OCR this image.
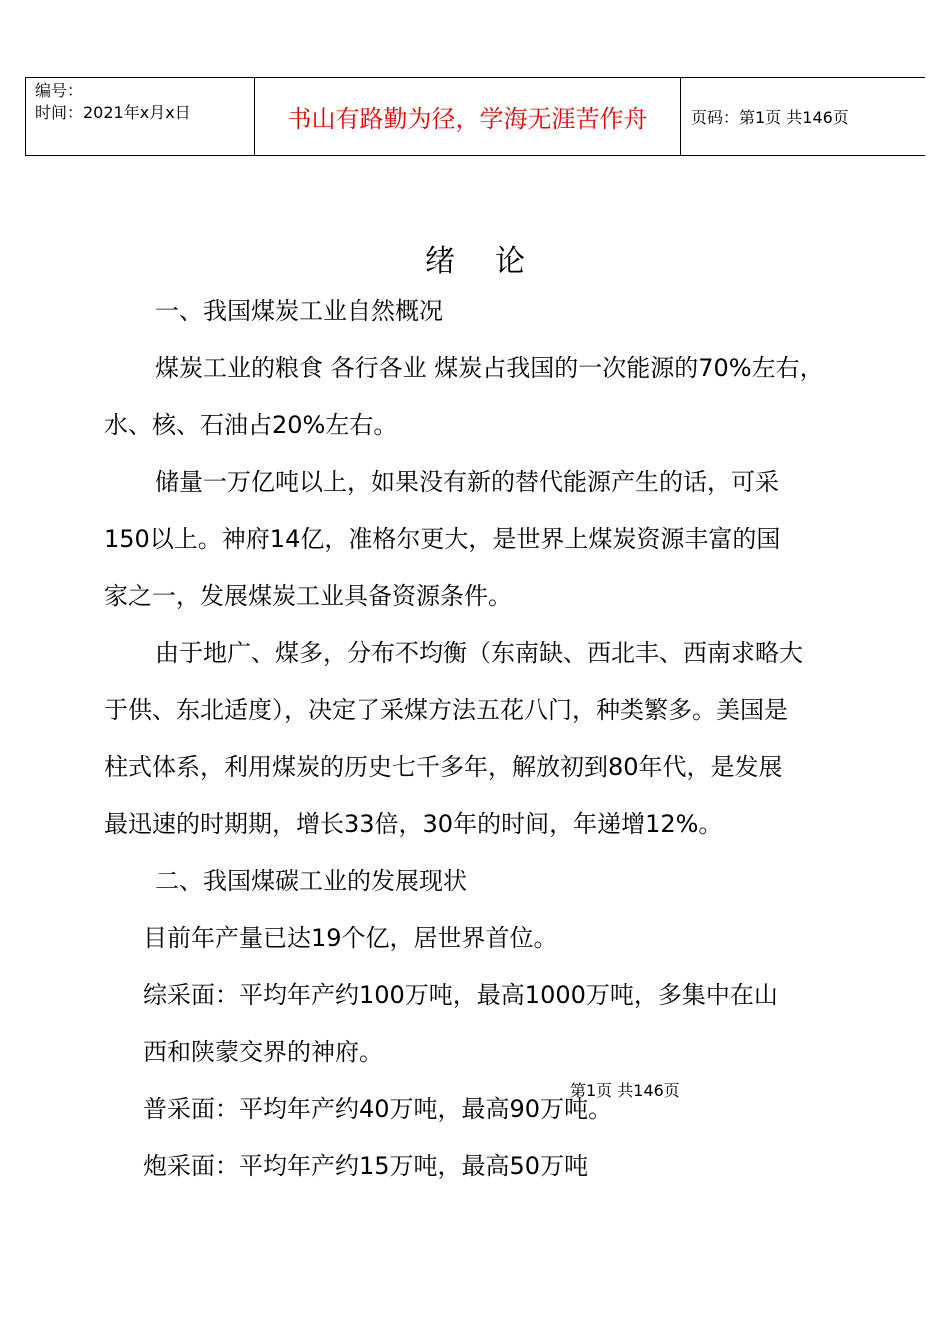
编号：
时间：2021年x月x日	书山有路勤为径，学海无涯苦作舟	页码：第1页 共146页
绪论
一、我国煤炭工业自然概况
煤炭工业的粮食 各行各业 煤炭占我国的一次能源的70%左右，
水、核、石油占20%左右。
储量一万亿吨以上，如果没有新的替代能源产生的话，可采
150以上。神府14亿，准格尔更大，是世界上煤炭资源丰富的国
家之一，发展煤炭工业具备资源条件。
由于地广、煤多，分布不均衡（东南缺、西北丰、西南求略大
于供、东北适度），决定了采煤方法五花八门，种类繁多。美国是
柱式体系，利用煤炭的历史七千多年，解放初到80年代，是发展
最迅速的时期期，增长33倍，30年的时间，年递增12%。
二、我国煤碳工业的发展现状
目前年产量已达19个亿，居世界首位。
综采面：平均年产约100万吨，最高1000万吨，多集中在山
西和陕蒙交界的神府。
普采面：平均年产约40万吨，最高90万吨。
炮采面：平均年产约15万吨，最高50万吨
第1页 共146页
